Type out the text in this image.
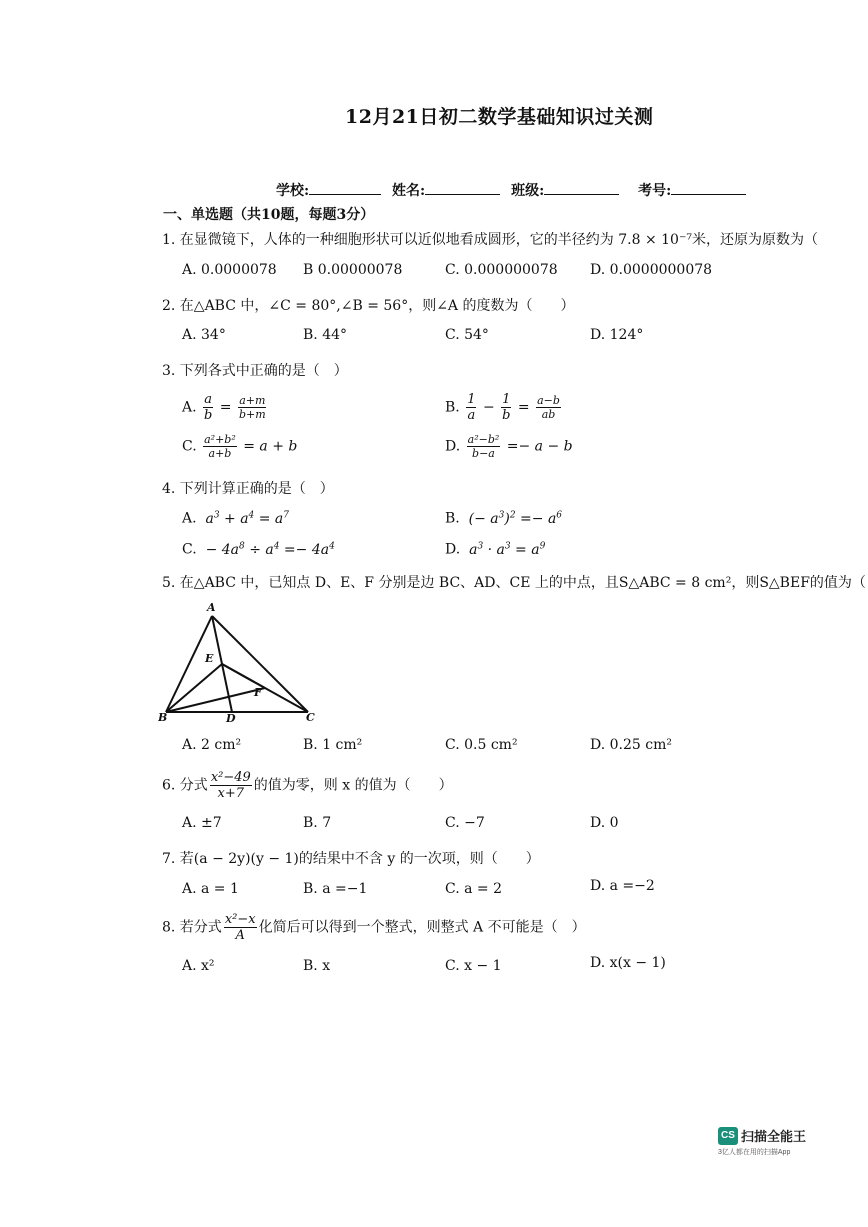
12月21日初二数学基础知识过关测
学校:	姓名:	班级:	考号:
一、单选题（共10题，每题3分）
1. 在显微镜下，人体的一种细胞形状可以近似地看成圆形，它的半径约为 7.8 × 10⁻⁷米，还原为原数为（
A. 0.0000078 B 0.00000078	C. 0.000000078 D. 0.0000000078
2. 在△ABC 中，∠C = 80°,∠B = 56°，则∠A 的度数为（　　）
A. 34°	B. 44°	C. 54°	D. 124°
3. 下列各式中正确的是（　）
A. $\frac{a}{b} = \frac{a+m}{b+m}$	B. $\frac{1}{a} - \frac{1}{b} = \frac{a-b}{ab}$
C. $\frac{\text{a²+b²}}{a+b} = a + b$	D. $\frac{\text{a²−b²}}{b-a} =- a - b$
4. 下列计算正确的是（　）
A.  $a^3 + a^4 = a^7$	B.  (− $a^3)^2 =- a^6$
C.  − $4a^8 \div a^4 =- 4a^4$	D.  $a^3 \cdot a^3 = a^9$
5. 在△ABC 中，已知点 D、E、F 分别是边 BC、AD、CE 上的中点，且S△ABC = 8 cm²，则S△BEF的值为（
A
E
F
B	D	C
A. 2 cm²	B. 1 cm²	C. 0.5 cm²	D. 0.25 cm²
6. 分式 $\frac{\text{x²−49}}{x+7}$ 的值为零，则 x 的值为（　　）
A. ±7	B. 7	C. −7	D. 0
7. 若(a − 2y)(y − 1)的结果中不含 y 的一次项，则（　　）
A. a = 1	B. a =−1	C. a = 2	D. a =−2
8. 若分式 $\frac{\text{x²−x}}{A}$ 化简后可以得到一个整式，则整式 A 不可能是（　）
A. x²	B. x	C. x − 1	D. x(x − 1)
CS 扫描全能王
3亿人都在用的扫描App
